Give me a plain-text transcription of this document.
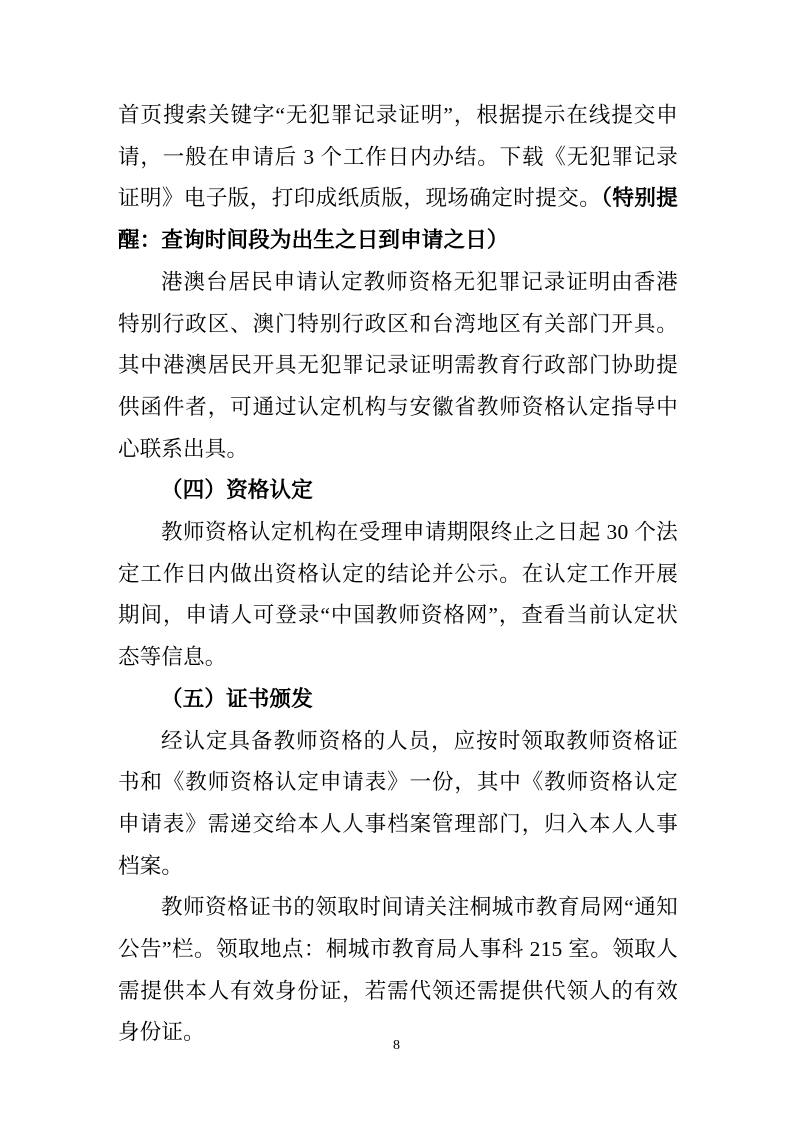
首页搜索关键字“无犯罪记录证明”，根据提示在线提交申请，一般在申请后 3 个工作日内办结。下载《无犯罪记录证明》电子版，打印成纸质版，现场确定时提交。（特别提醒：查询时间段为出生之日到申请之日）

港澳台居民申请认定教师资格无犯罪记录证明由香港特别行政区、澳门特别行政区和台湾地区有关部门开具。其中港澳居民开具无犯罪记录证明需教育行政部门协助提供函件者，可通过认定机构与安徽省教师资格认定指导中心联系出具。

（四）资格认定

教师资格认定机构在受理申请期限终止之日起 30 个法定工作日内做出资格认定的结论并公示。在认定工作开展期间，申请人可登录“中国教师资格网”，查看当前认定状态等信息。

（五）证书颁发

经认定具备教师资格的人员，应按时领取教师资格证书和《教师资格认定申请表》一份，其中《教师资格认定申请表》需递交给本人人事档案管理部门，归入本人人事档案。

教师资格证书的领取时间请关注桐城市教育局网“通知公告”栏。领取地点：桐城市教育局人事科 215 室。领取人需提供本人有效身份证，若需代领还需提供代领人的有效身份证。

8
